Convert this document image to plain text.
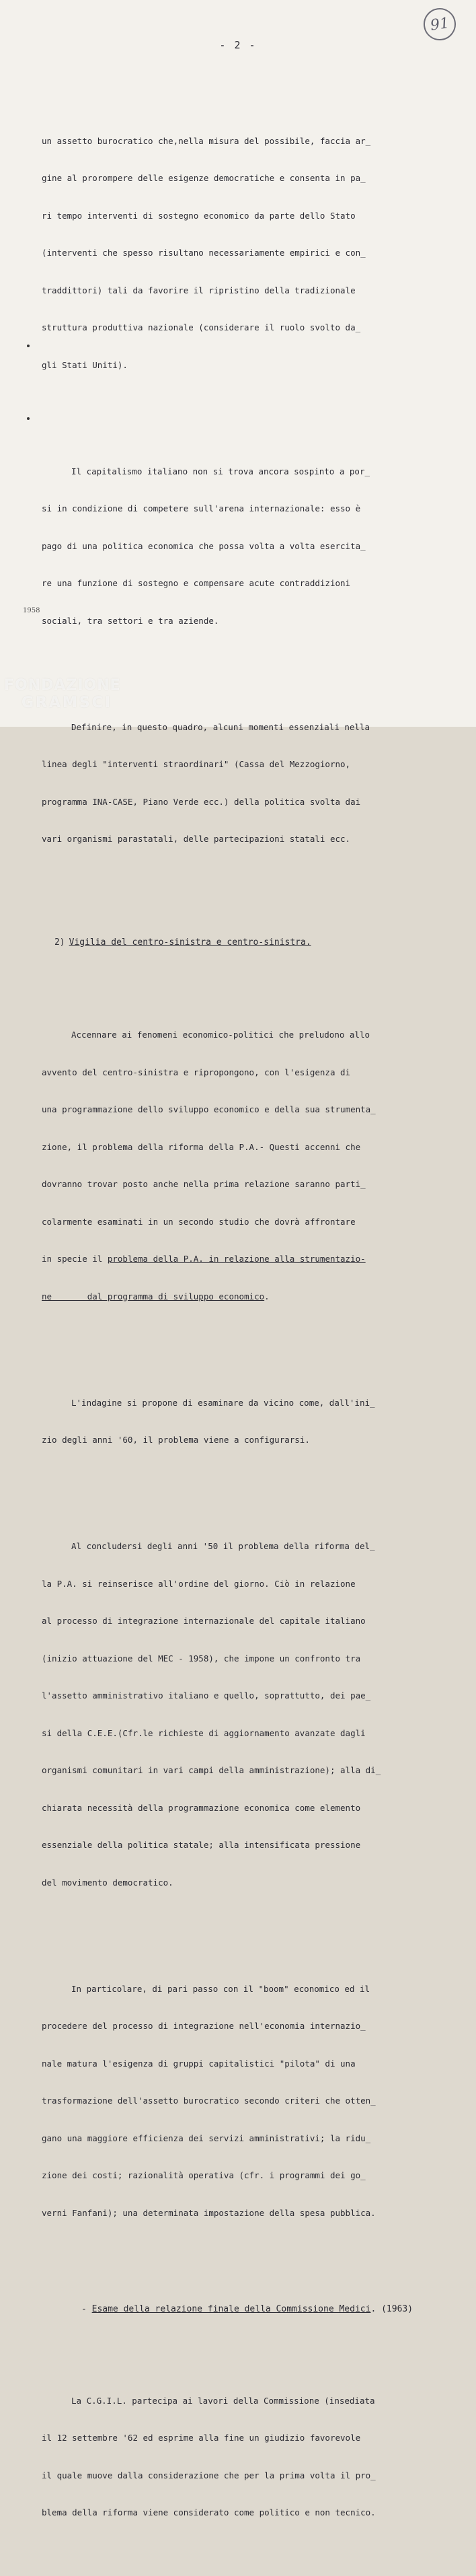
91
- 2 -

un assetto burocratico che,nella misura del possibile, faccia ar_

gine al prorompere delle esigenze democratiche e consenta in pa_

ri tempo interventi di sostegno economico da parte dello Stato

(interventi che spesso risultano necessariamente empirici e con_

traddittori) tali da favorire il ripristino della tradizionale

struttura produttiva nazionale (considerare il ruolo svolto da_

gli Stati Uniti).

Il capitalismo italiano non si trova ancora sospinto a por_

si in condizione di competere sull'arena internazionale: esso è

pago di una politica economica che possa volta a volta esercita_

re una funzione di sostegno e compensare acute contraddizioni

sociali, tra settori e tra aziende.

Definire, in questo quadro, alcuni momenti essenziali nella

linea degli "interventi straordinari" (Cassa del Mezzogiorno,

programma INA-CASE, Piano Verde ecc.) della politica svolta dai

vari organismi parastatali, delle partecipazioni statali ecc.

2) Vigilia del centro-sinistra e centro-sinistra.

Accennare ai fenomeni economico-politici che preludono allo

avvento del centro-sinistra e ripropongono, con l'esigenza di

una programmazione dello sviluppo economico e della sua strumenta_

zione, il problema della riforma della P.A.- Questi accenni che

dovranno trovar posto anche nella prima relazione saranno parti_

colarmente esaminati in un secondo studio che dovrà affrontare

in specie il problema della P.A. in relazione alla strumentazio-

ne       dal programma di sviluppo economico.

L'indagine si propone di esaminare da vicino come, dall'ini_

zio degli anni '60, il problema viene a configurarsi.

Al concludersi degli anni '50 il problema della riforma del_

la P.A. si reinserisce all'ordine del giorno. Ciò in relazione

al processo di integrazione internazionale del capitale italiano

(inizio attuazione del MEC - 1958), che impone un confronto tra

l'assetto amministrativo italiano e quello, soprattutto, dei pae_

si della C.E.E.(Cfr.le richieste di aggiornamento avanzate dagli

organismi comunitari in vari campi della amministrazione); alla di_

chiarata necessità della programmazione economica come elemento

essenziale della politica statale; alla intensificata pressione

del movimento democratico.

In particolare, di pari passo con il "boom" economico ed il

procedere del processo di integrazione nell'economia internazio_

nale matura l'esigenza di gruppi capitalistici "pilota" di una

trasformazione dell'assetto burocratico secondo criteri che otten_

gano una maggiore efficienza dei servizi amministrativi; la ridu_

zione dei costi; razionalità operativa (cfr. i programmi dei go_

verni Fanfani); una determinata impostazione della spesa pubblica.

- Esame della relazione finale della Commissione Medici. (1963)

La C.G.I.L. partecipa ai lavori della Commissione (insediata

il 12 settembre '62 ed esprime alla fine un giudizio favorevole

il quale muove dalla considerazione che per la prima volta il pro_

blema della riforma viene considerato come politico e non tecnico.

1958
FONDAZIONE
GRAMSCI
